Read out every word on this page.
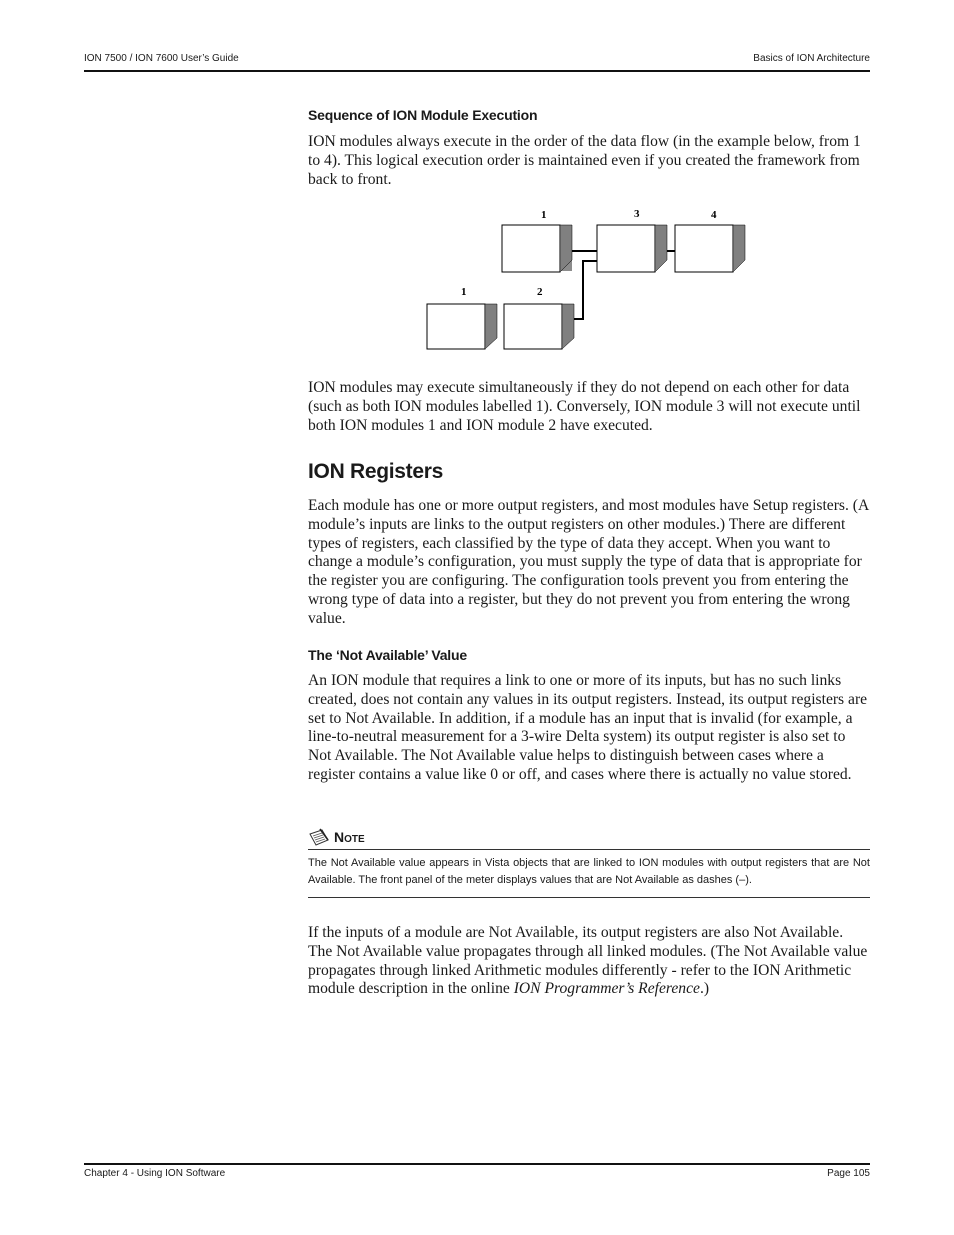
ION 7500 / ION 7600 User’s Guide	Basics of ION Architecture
Sequence of ION Module Execution
ION modules always execute in the order of the data flow (in the example below, from 1 to 4). This logical execution order is maintained even if you created the framework from back to front.
1	3	4
1	2
ION modules may execute simultaneously if they do not depend on each other for data (such as both ION modules labelled 1). Conversely, ION module 3 will not execute until both ION modules 1 and ION module 2 have executed.
ION Registers
Each module has one or more output registers, and most modules have Setup registers. (A module’s inputs are links to the output registers on other modules.) There are different types of registers, each classified by the type of data they accept. When you want to change a module’s configuration, you must supply the type of data that is appropriate for the register you are configuring. The configuration tools prevent you from entering the wrong type of data into a register, but they do not prevent you from entering the wrong value.
The ‘Not Available’ Value
An ION module that requires a link to one or more of its inputs, but has no such links created, does not contain any values in its output registers. Instead, its output registers are set to Not Available. In addition, if a module has an input that is invalid (for example, a line-to-neutral measurement for a 3-wire Delta system) its output register is also set to Not Available. The Not Available value helps to distinguish between cases where a register contains a value like 0 or off, and cases where there is actually no value stored.
Note
The Not Available value appears in Vista objects that are linked to ION modules with output registers that are Not Available. The front panel of the meter displays values that are Not Available as dashes (–).
If the inputs of a module are Not Available, its output registers are also Not Available. The Not Available value propagates through all linked modules. (The Not Available value propagates through linked Arithmetic modules differently - refer to the ION Arithmetic module description in the online ION Programmer’s Reference.)
Chapter 4 - Using ION Software	Page 105
